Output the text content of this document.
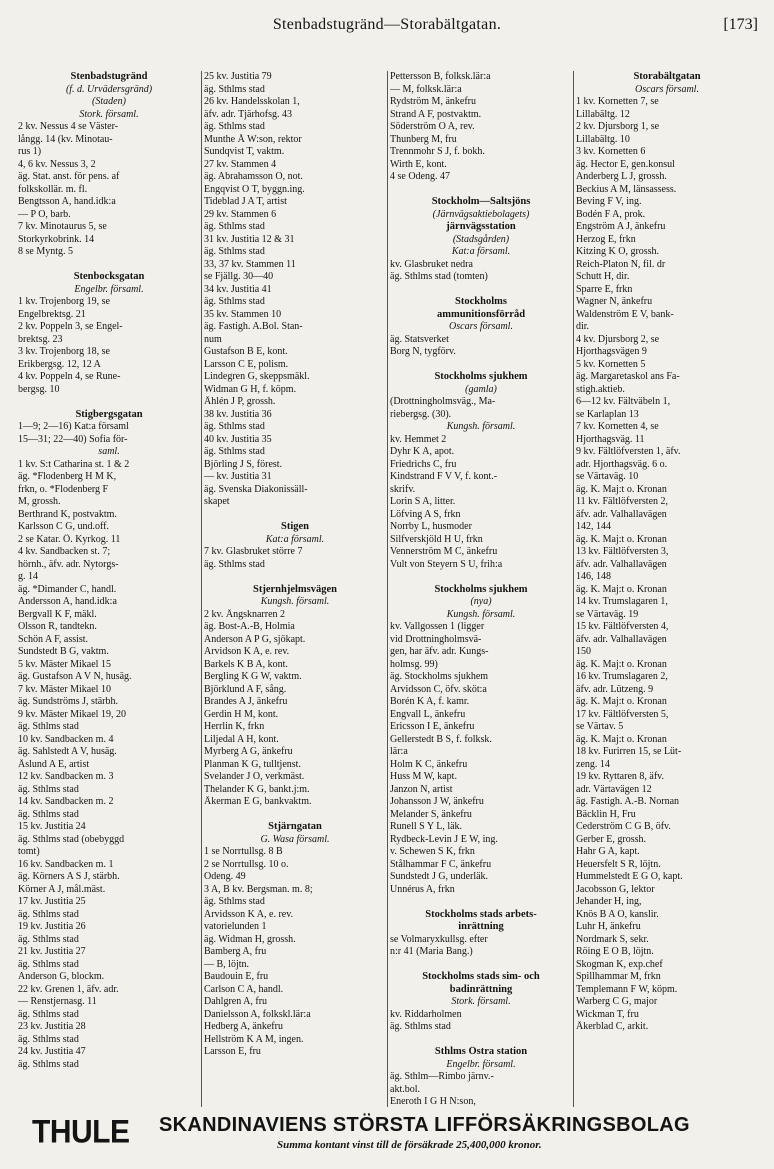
Stenbadstugränd—Storabältgatan.	[173]
Stenbadstugränd
(f. d. Urvädersgränd)
(Staden)
Stork. församl.
2 kv. Nessus 4 se Väster-
långg. 14 (kv. Minotau-
rus 1)
4, 6 kv. Nessus 3, 2
äg. Stat. anst. för pens. af
folkskollär. m. fl.
Bengtsson A, hand.idk:a
— P O, barb.
7 kv. Minotaurus 5, se
Storkyrkobrink. 14
8 se Myntg. 5

Stenbocksgatan
Engelbr. församl.
1 kv. Trojenborg 19, se
Engelbrektsg. 21
2 kv. Poppeln 3, se Engel-
brektsg. 23
3 kv. Trojenborg 18, se
Erikbergsg. 12, 12 A
4 kv. Poppeln 4, se Rune-
bergsg. 10

Stigbergsgatan
1—9; 2—16) Kat:a församl
15—31; 22—40) Sofia för-
saml.
1 kv. S:t Catharina st. 1 & 2
äg. *Flodenberg H M K,
frkn, o. *Flodenberg F
M, grossh.
Berthrand K, postvaktm.
Karlsson C G, und.off.
2 se Katar. Ö. Kyrkog. 11
4 kv. Sandbacken st. 7;
hörnh., äfv. adr. Nytorgs-
g. 14
äg. *Dimander C, handl.
Andersson A, hand.idk:a
Bergvall K F, mäkl.
Olsson R, tandtekn.
Schön A F, assist.
Sundstedt B G, vaktm.
5 kv. Mäster Mikael 15
äg. Gustafson A V N, husäg.
7 kv. Mäster Mikael 10
äg. Sundströms J, stärbh.
9 kv. Mäster Mikael 19, 20
äg. Sthlms stad
10 kv. Sandbacken m. 4
äg. Sahlstedt A V, husäg.
Åslund A E, artist
12 kv. Sandbacken m. 3
äg. Sthlms stad
14 kv. Sandbacken m. 2
äg. Sthlms stad
15 kv. Justitia 24
äg. Sthlms stad (obebyggd
tomt)
16 kv. Sandbacken m. 1
äg. Körners A S J, stärbh.
Körner A J, mål.mäst.
17 kv. Justitia 25
äg. Sthlms stad
19 kv. Justitia 26
äg. Sthlms stad
21 kv. Justitia 27
äg. Sthlms stad
Anderson G, blockm.
22 kv. Grenen 1, äfv. adr.
— Renstjernasg. 11
äg. Sthlms stad
23 kv. Justitia 28
äg. Sthlms stad
24 kv. Justitia 47
äg. Sthlms stad
25 kv. Justitia 79
äg. Sthlms stad
26 kv. Handelsskolan 1,
äfv. adr. Tjärhofsg. 43
äg. Sthlms stad
Munthe Å W:son, rektor
Sundqvist T, vaktm.
27 kv. Stammen 4
äg. Abrahamsson O, not.
Engqvist O T, byggn.ing.
Tideblad J A T, artist
29 kv. Stammen 6
äg. Sthlms stad
31 kv. Justitia 12 & 31
äg. Sthlms stad
33, 37 kv. Stammen 11
se Fjällg. 30—40
34 kv. Justitia 41
äg. Sthlms stad
35 kv. Stammen 10
äg. Fastigh. A.Bol. Stan-
num
Gustafson B E, kont.
Larsson C E, polism.
Lindegren G, skeppsmäkl.
Widman G H, f. köpm.
Åhlén J P, grossh.
38 kv. Justitia 36
äg. Sthlms stad
40 kv. Justitia 35
äg. Sthlms stad
Björling J S, förest.
— kv. Justitia 31
äg. Svenska Diakonissäll-
skapet

Stigen
Kat:a församl.
7 kv. Glasbruket större 7
äg. Sthlms stad

Stjernhjelmsvägen
Kungsh. församl.
2 kv. Ängsknarren 2
äg. Bost-A.-B, Holmia
Anderson A P G, sjökapt.
Arvidson K A, e. rev.
Barkels K B A, kont.
Bergling K G W, vaktm.
Björklund A F, sång.
Brandes A J, änkefru
Gerdin H M, kont.
Herrlin K, frkn
Liljedal A H, kont.
Myrberg A G, änkefru
Planman K G, tulltjenst.
Svelander J O, verkmäst.
Thelander K G, bankt.j:m.
Åkerman E G, bankvaktm.

Stjärngatan
G. Wasa församl.
1 se Norrtullsg. 8 B
2 se Norrtullsg. 10 o.
Odeng. 49
3 A, B kv. Bergsman. m. 8;
äg. Sthlms stad
Arvidsson K A, e. rev.
vatorielunden 1
äg. Widman H, grossh.
Bamberg A, fru
— B, löjtn.
Baudouin E, fru
Carlson C A, handl.
Dahlgren A, fru
Danielsson A, folkskl.lär:a
Hedberg A, änkefru
Hellström K A M, ingen.
Larsson E, fru
Pettersson B, folksk.lär:a
— M, folksk.lär:a
Rydström M, änkefru
Strand A F, postvaktm.
Söderström O A, rev.
Thunberg M, fru
Trennmohr S J, f. bokh.
Wirth E, kont.
4 se Odeng. 47

Stockholm—Saltsjöns
(Järnvägsaktiebolagets)
järnvägsstation
(Stadsgården)
Kat:a församl.
kv. Glasbruket nedra
äg. Sthlms stad (tomten)

Stockholms
ammunitionsförråd
Oscars församl.
äg. Statsverket
Borg N, tygförv.

Stockholms sjukhem
(gamla)
(Drottningholmsväg., Ma-
riebergsg. (30).
Kungsh. församl.
kv. Hemmet 2
Dyhr K A, apot.
Friedrichs C, fru
Kindstrand F V V, f. kont.-
skrifv.
Lorin S A, litter.
Löfving A S, frkn
Norrby L, husmoder
Silfverskjöld H U, frkn
Vennerström M C, änkefru
Vult von Steyern S U, frih:a

Stockholms sjukhem
(nya)
Kungsh. församl.
kv. Vallgossen 1 (ligger
vid Drottningholmsvä-
gen, har äfv. adr. Kungs-
holmsg. 99)
äg. Stockholms sjukhem
Arvidsson C, öfv. sköt:a
Borén K A, f. kamr.
Engvall L, änkefru
Ericsson I E, änkefru
Gellerstedt B S, f. folksk.
lär:a
Holm K C, änkefru
Huss M W, kapt.
Janzon N, artist
Johansson J W, änkefru
Melander S, änkefru
Runell S Y L, läk.
Rydbeck-Levin J E W, ing.
v. Schewen S K, frkn
Stålhammar F C, änkefru
Sundstedt J G, underläk.
Unnérus A, frkn

Stockholms stads arbets-
inrättning
se Volmaryxkullsg. efter
n:r 41 (Maria Bang.)

Stockholms stads sim- och
badinrättning
Stork. församl.
kv. Riddarholmen
äg. Sthlms stad

Sthlms Östra station
Engelbr. församl.
äg. Sthlm—Rimbo järnv.-
akt.bol.
Eneroth I G H N:son,
Storabältgatan
Oscars församl.
1 kv. Kornetten 7, se
Lillabältg. 12
2 kv. Djursborg 1, se
Lillabältg. 10
3 kv. Kornetten 6
äg. Hector E, gen.konsul
Anderberg L J, grossh.
Beckius A M, länsassess.
Beving F V, ing.
Bodén F A, prok.
Engström A J, änkefru
Herzog E, frkn
Kitzing K O, grossh.
Reich-Platon N, fil. dr
Schutt H, dir.
Sparre E, frkn
Wagner N, änkefru
Waldenström E V, bank-
dir.
4 kv. Djursborg 2, se
Hjorthagsvägen 9
5 kv. Kornetten 5
äg. Margaretaskol ans Fa-
stigh.aktieb.
6—12 kv. Fältväbeln 1,
se Karlaplan 13
7 kv. Kornetten 4, se
Hjorthagsväg. 11
9 kv. Fältlöfversten 1, äfv.
adr. Hjorthagsväg. 6 o.
se Värtaväg. 10
äg. K. Maj:t o. Kronan
11 kv. Fältlöfversten 2,
äfv. adr. Valhallavägen
142, 144
äg. K. Maj:t o. Kronan
13 kv. Fältlöfversten 3,
äfv. adr. Valhallavägen
146, 148
äg. K. Maj:t o. Kronan
14 kv. Trumslagaren 1,
se Värtaväg. 19
15 kv. Fältlöfversten 4,
äfv. adr. Valhallavägen
150
äg. K. Maj:t o. Kronan
16 kv. Trumslagaren 2,
äfv. adr. Lützeng. 9
äg. K. Maj:t o. Kronan
17 kv. Fältlöfversten 5,
se Värtav. 5
äg. K. Maj:t o. Kronan
18 kv. Furirren 15, se Lüt-
zeng. 14
19 kv. Ryttaren 8, äfv.
adr. Värtavägen 12
äg. Fastigh. A.-B. Nornan
Bäcklin H, Fru
Cederström C G B, öfv.
Gerber E, grossh.
Hahr G A, kapt.
Heuersfelt S R, löjtn.
Hummelstedt E G O, kapt.
Jacobsson G, lektor
Jehander H, ing,
Knös B A O, kanslir.
Luhr H, änkefru
Nordmark S, sekr.
Röing E O B, löjtn.
Skogman K, exp.chef
Spillhammar M, frkn
Templemann F W, köpm.
Warberg C G, major
Wickman T, fru
Åkerblad C, arkit.
THULE SKANDINAVIENS STÖRSTA LIFFÖRSÄKRINGSBOLAG
Summa kontant vinst till de försäkrade 25,400,000 kronor.
